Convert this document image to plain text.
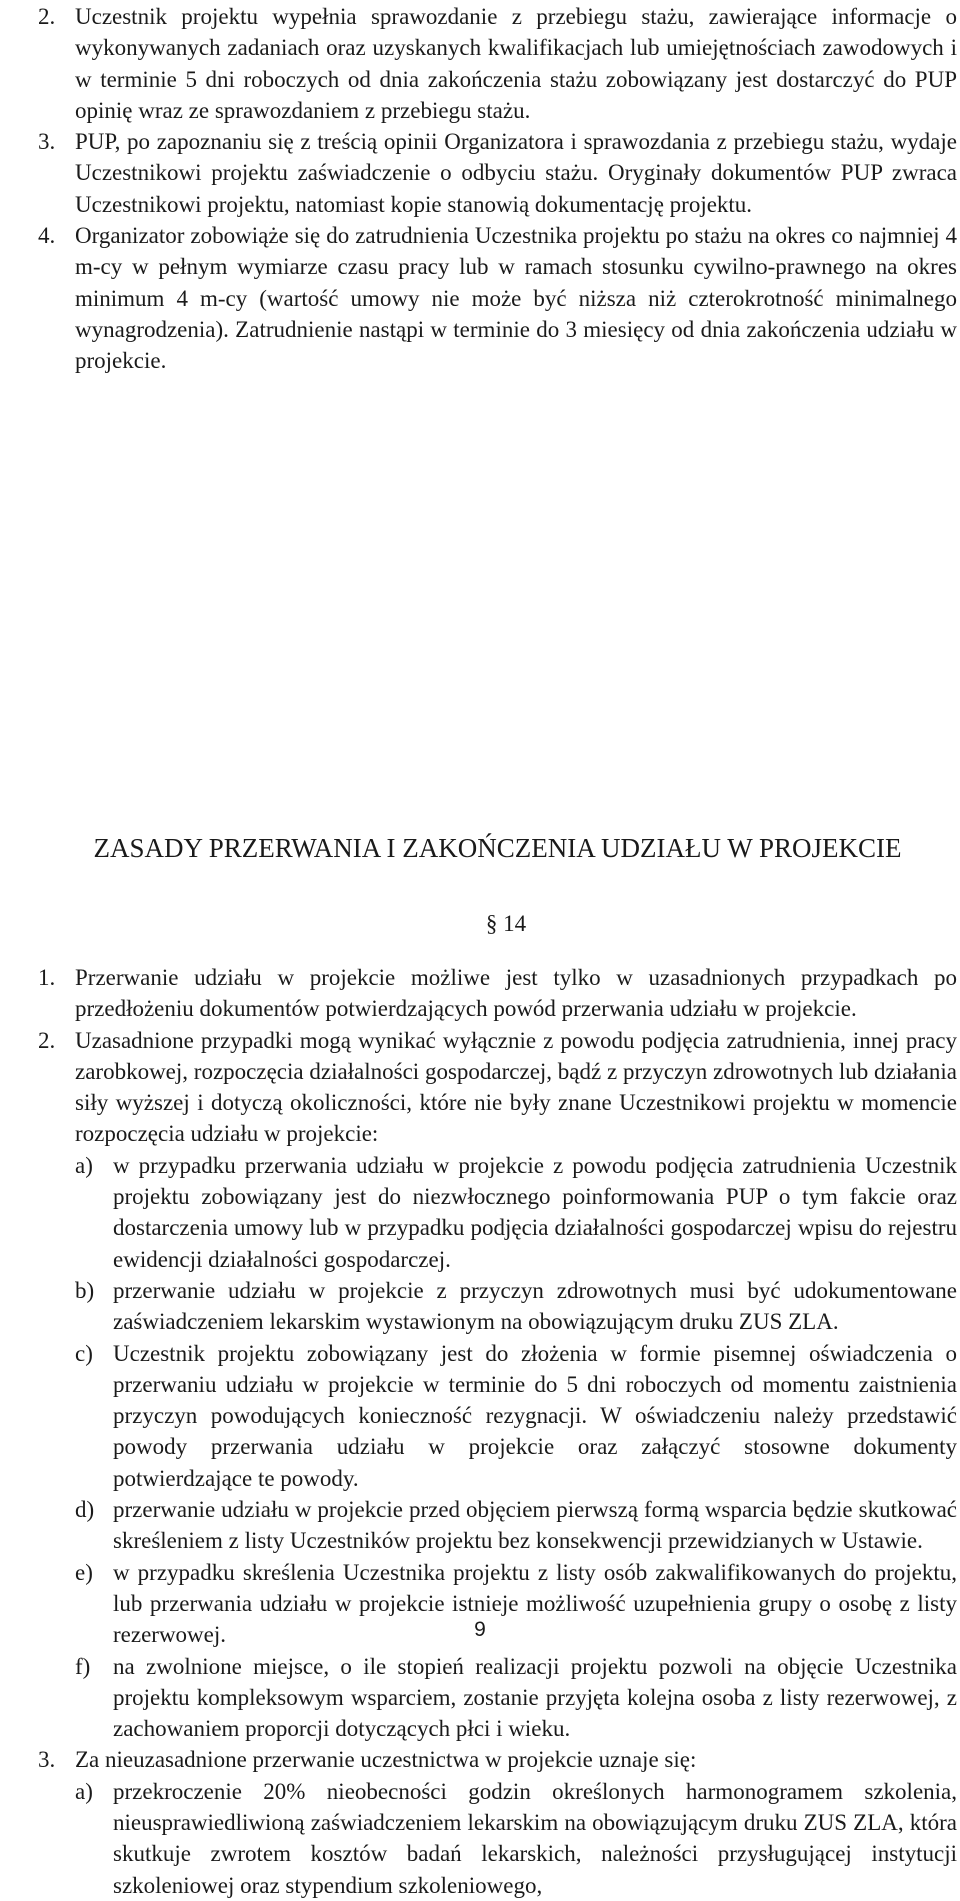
2. Uczestnik projektu wypełnia sprawozdanie z przebiegu stażu, zawierające informacje o wykonywanych zadaniach oraz uzyskanych kwalifikacjach lub umiejętnościach zawodowych i w terminie 5 dni roboczych od dnia zakończenia stażu zobowiązany jest dostarczyć do PUP opinię wraz ze sprawozdaniem z przebiegu stażu.

3. PUP, po zapoznaniu się z treścią opinii Organizatora i sprawozdania z przebiegu stażu, wydaje Uczestnikowi projektu zaświadczenie o odbyciu stażu. Oryginały dokumentów PUP zwraca Uczestnikowi projektu, natomiast kopie stanowią dokumentację projektu.

4. Organizator zobowiąże się do zatrudnienia Uczestnika projektu po stażu na okres co najmniej 4 m-cy w pełnym wymiarze czasu pracy lub w ramach stosunku cywilno-prawnego na okres minimum 4 m-cy (wartość umowy nie może być niższa niż czterokrotność minimalnego wynagrodzenia). Zatrudnienie nastąpi w terminie do 3 miesięcy od dnia zakończenia udziału w projekcie.

ZASADY PRZERWANIA I ZAKOŃCZENIA UDZIAŁU W PROJEKCIE
§ 14
1. Przerwanie udziału w projekcie możliwe jest tylko w uzasadnionych przypadkach po przedłożeniu dokumentów potwierdzających powód przerwania udziału w projekcie.

2. Uzasadnione przypadki mogą wynikać wyłącznie z powodu podjęcia zatrudnienia, innej pracy zarobkowej, rozpoczęcia działalności gospodarczej, bądź z przyczyn zdrowotnych lub działania siły wyższej i dotyczą okoliczności, które nie były znane Uczestnikowi projektu w momencie rozpoczęcia udziału w projekcie:

a) w przypadku przerwania udziału w projekcie z powodu podjęcia zatrudnienia Uczestnik projektu zobowiązany jest do niezwłocznego poinformowania PUP o tym fakcie oraz dostarczenia umowy lub w przypadku podjęcia działalności gospodarczej wpisu do rejestru ewidencji działalności gospodarczej.

b) przerwanie udziału w projekcie z przyczyn zdrowotnych musi być udokumentowane zaświadczeniem lekarskim wystawionym na obowiązującym druku ZUS ZLA.

c) Uczestnik projektu zobowiązany jest do złożenia w formie pisemnej oświadczenia o przerwaniu udziału w projekcie w terminie do 5 dni roboczych od momentu zaistnienia przyczyn powodujących konieczność rezygnacji. W oświadczeniu należy przedstawić powody przerwania udziału w projekcie oraz załączyć stosowne dokumenty potwierdzające te powody.

d) przerwanie udziału w projekcie przed objęciem pierwszą formą wsparcia będzie skutkować skreśleniem z listy Uczestników projektu bez konsekwencji przewidzianych w Ustawie.

e) w przypadku skreślenia Uczestnika projektu z listy osób zakwalifikowanych do projektu, lub przerwania udziału w projekcie istnieje możliwość uzupełnienia grupy o osobę z listy rezerwowej.

f) na zwolnione miejsce, o ile stopień realizacji projektu pozwoli na objęcie Uczestnika projektu kompleksowym wsparciem, zostanie przyjęta kolejna osoba z listy rezerwowej, z zachowaniem proporcji dotyczących płci i wieku.

3. Za nieuzasadnione przerwanie uczestnictwa w projekcie uznaje się:

a) przekroczenie 20% nieobecności godzin określonych harmonogramem szkolenia, nieusprawiedliwioną zaświadczeniem lekarskim na obowiązującym druku ZUS ZLA, która skutkuje zwrotem kosztów badań lekarskich, należności przysługującej instytucji szkoleniowej oraz stypendium szkoleniowego,

9
